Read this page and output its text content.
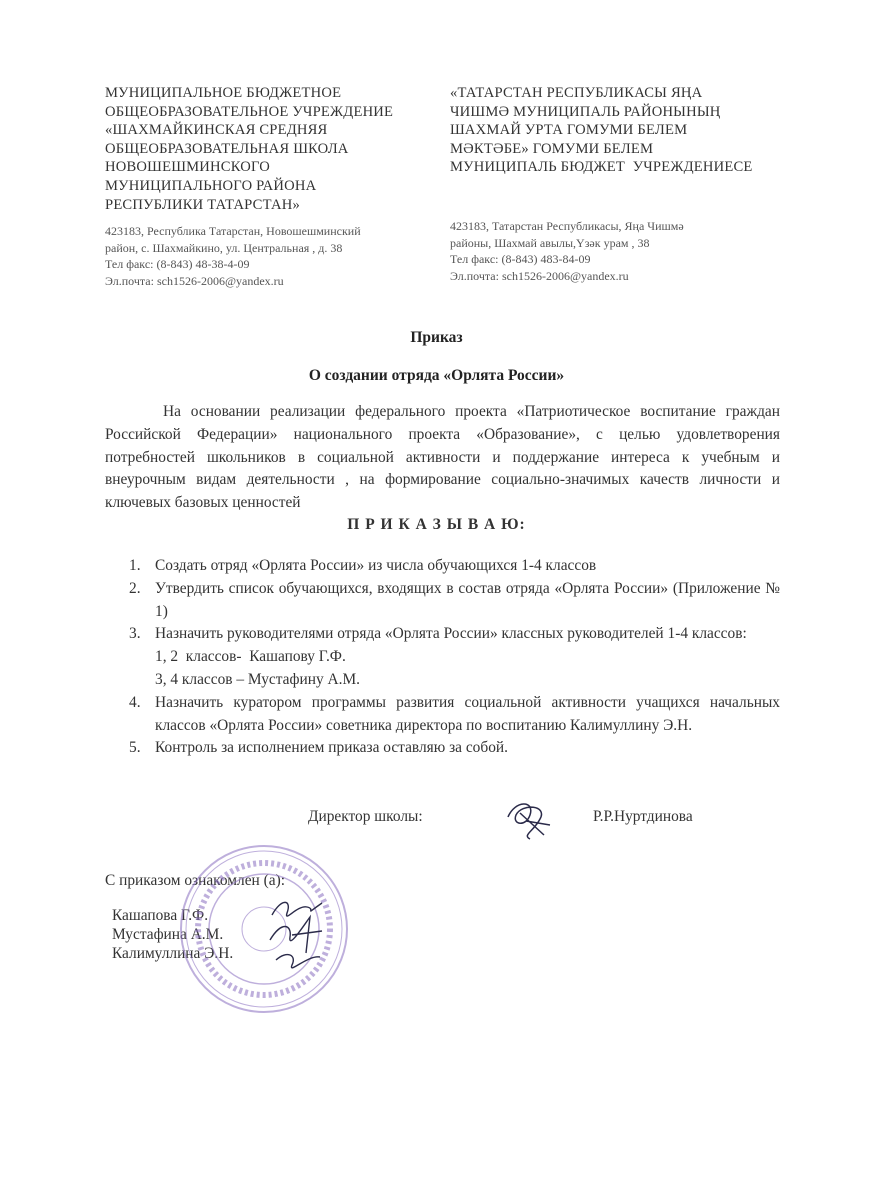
МУНИЦИПАЛЬНОЕ БЮДЖЕТНОЕ
ОБЩЕОБРАЗОВАТЕЛЬНОЕ УЧРЕЖДЕНИЕ
«ШАХМАЙКИНСКАЯ СРЕДНЯЯ
ОБЩЕОБРАЗОВАТЕЛЬНАЯ ШКОЛА
НОВОШЕШМИНСКОГО
МУНИЦИПАЛЬНОГО РАЙОНА
РЕСПУБЛИКИ ТАТАРСТАН»
423183, Республика Татарстан, Новошешминский
район, с. Шахмайкино, ул. Центральная , д. 38
Тел факс: (8-843) 48-38-4-09
Эл.почта: sch1526-2006@yandex.ru
«ТАТАРСТАН РЕСПУБЛИКАСЫ ЯҢА
ЧИШМӘ МУНИЦИПАЛЬ РАЙОНЫНЫҢ
ШАХМАЙ УРТА ГОМУМИ БЕЛЕМ
МӘКТӘБЕ» ГОМУМИ БЕЛЕМ
МУНИЦИПАЛЬ БЮДЖЕТ  УЧРЕЖДЕНИЕСЕ
423183, Татарстан Республикасы, Яңа Чишмә
районы, Шахмай авылы,Үзәк урам , 38
Тел факс: (8-843) 483-84-09
Эл.почта: sch1526-2006@yandex.ru
Приказ
О создании отряда «Орлята России»
На основании реализации федерального проекта «Патриотическое воспитание граждан Российской Федерации» национального проекта «Образование», с целью удовлетворения потребностей школьников в социальной активности и поддержание интереса к учебным и внеурочным видам деятельности , на формирование социально-значимых качеств личности и ключевых базовых ценностей
П Р И К А З Ы В А Ю:
1. Создать отряд «Орлята России» из числа обучающихся 1-4 классов
2. Утвердить список обучающихся, входящих в состав отряда «Орлята России» (Приложение № 1)
3. Назначить руководителями отряда «Орлята России» классных руководителей 1-4 классов:
1, 2  классов-  Кашапову Г.Ф.
3, 4 классов – Мустафину А.М.
4. Назначить куратором программы развития социальной активности учащихся начальных классов «Орлята России» советника директора по воспитанию Калимуллину Э.Н.
5. Контроль за исполнением приказа оставляю за собой.
Директор школы:	Р.Р.Нуртдинова
С приказом ознакомлен (а):
Кашапова Г.Ф.
Мустафина А.М.
Калимуллина Э.Н.
